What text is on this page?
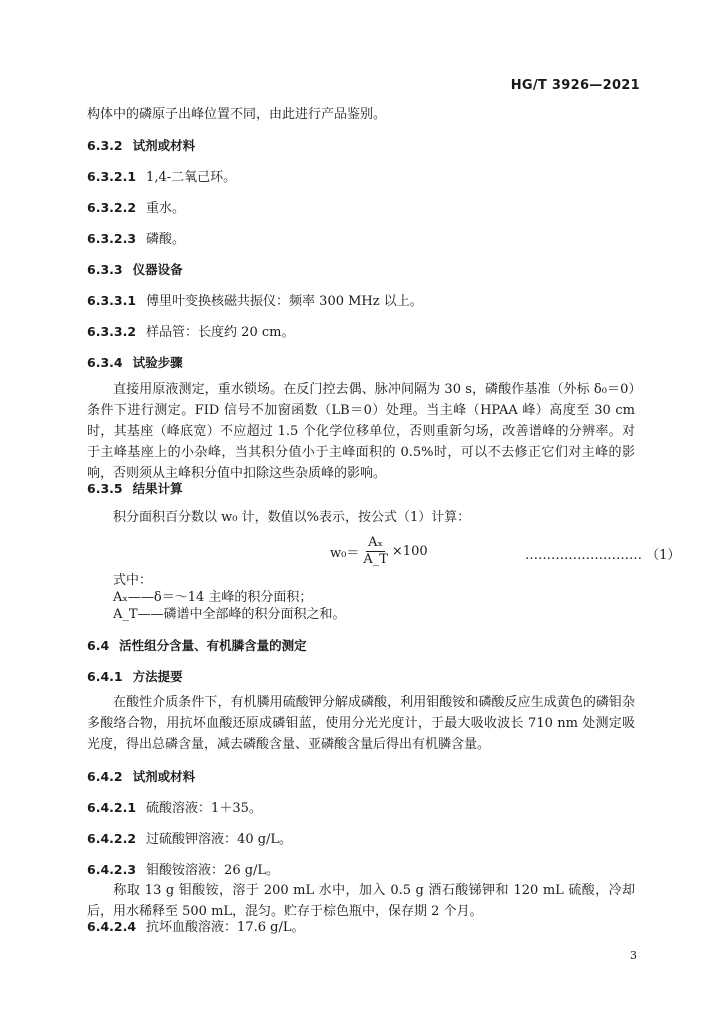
HG/T 3926—2021
构体中的磷原子出峰位置不同，由此进行产品鉴别。
6.3.2 试剂或材料
6.3.2.1 1,4-二氧己环。
6.3.2.2 重水。
6.3.2.3 磷酸。
6.3.3 仪器设备
6.3.3.1 傅里叶变换核磁共振仪：频率 300 MHz 以上。
6.3.3.2 样品管：长度约 20 cm。
6.3.4 试验步骤
直接用原液测定，重水锁场。在反门控去偶、脉冲间隔为 30 s，磷酸作基准（外标 δ₀＝0）条件下进行测定。FID 信号不加窗函数（LB＝0）处理。当主峰（HPAA 峰）高度至 30 cm 时，其基座（峰底宽）不应超过 1.5 个化学位移单位，否则重新匀场，改善谱峰的分辨率。对于主峰基座上的小杂峰，当其积分值小于主峰面积的 0.5%时，可以不去修正它们对主峰的影响，否则须从主峰积分值中扣除这些杂质峰的影响。
6.3.5 结果计算
积分面积百分数以 w₀ 计，数值以%表示，按公式（1）计算：
$w_0= \frac{\text{Aₓ}}{A\_T} \times 100$	……………………… （1）
式中：
Aₓ——δ＝～14 主峰的积分面积；
A_T——磷谱中全部峰的积分面积之和。
6.4 活性组分含量、有机膦含量的测定
6.4.1 方法提要
在酸性介质条件下，有机膦用硫酸钾分解成磷酸，利用钼酸铵和磷酸反应生成黄色的磷钼杂多酸络合物，用抗坏血酸还原成磷钼蓝，使用分光光度计，于最大吸收波长 710 nm 处测定吸光度，得出总磷含量，减去磷酸含量、亚磷酸含量后得出有机膦含量。
6.4.2 试剂或材料
6.4.2.1 硫酸溶液：1＋35。
6.4.2.2 过硫酸钾溶液：40 g/L。
6.4.2.3 钼酸铵溶液：26 g/L。
称取 13 g 钼酸铵，溶于 200 mL 水中，加入 0.5 g 酒石酸锑钾和 120 mL 硫酸，冷却后，用水稀释至 500 mL，混匀。贮存于棕色瓶中，保存期 2 个月。
6.4.2.4 抗坏血酸溶液：17.6 g/L。
3
